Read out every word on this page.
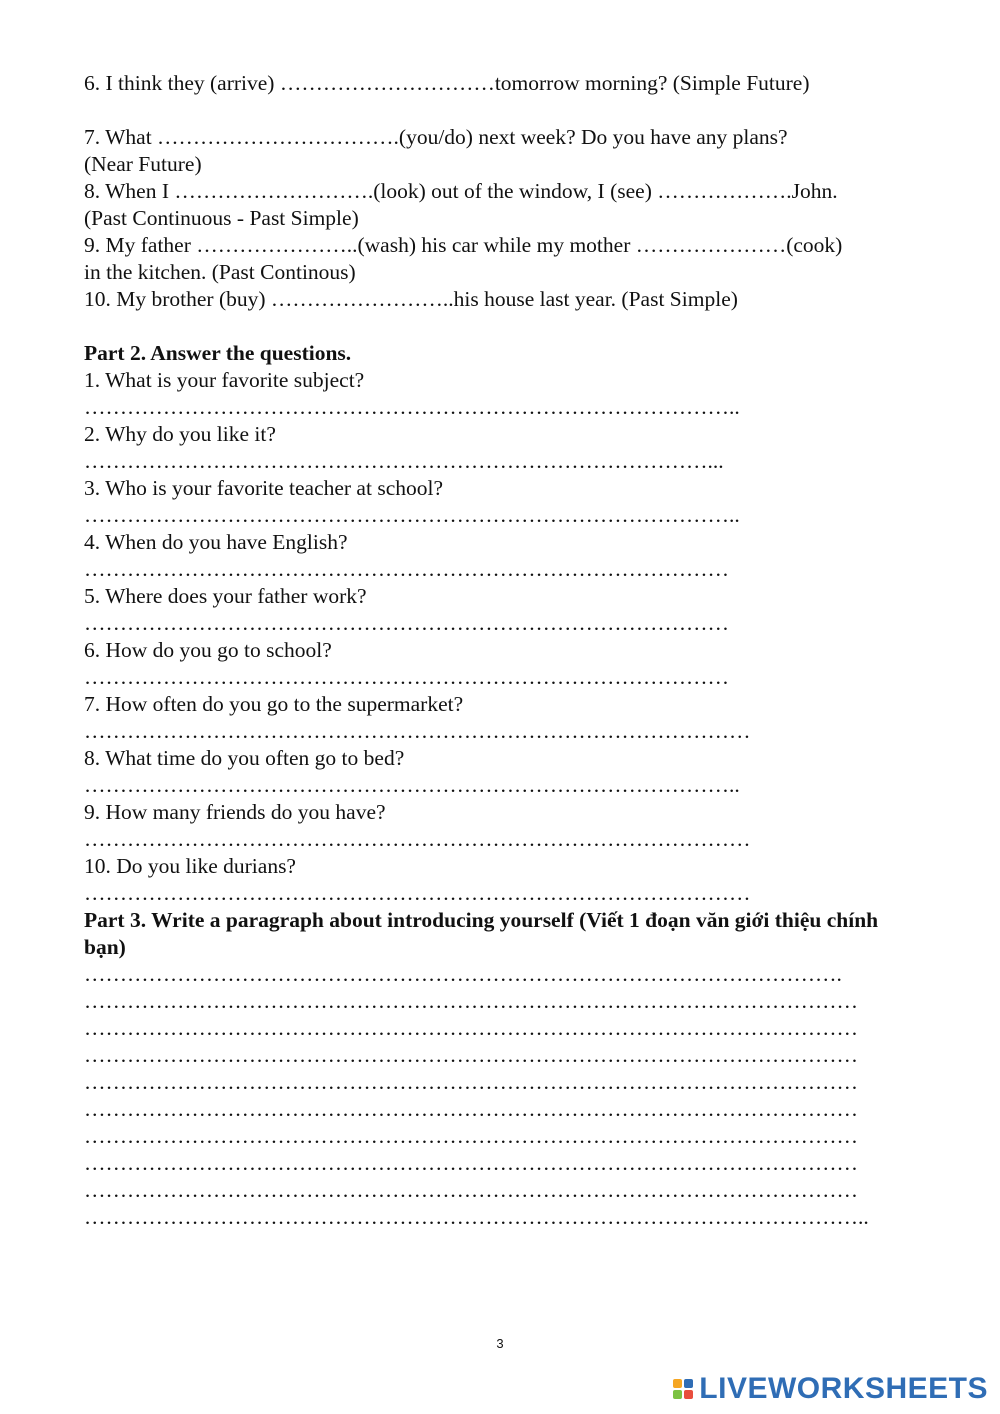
6. I think they (arrive) …………………………tomorrow morning? (Simple Future)

7. What …………………………….(you/do) next week? Do you have any plans?

(Near Future)

8. When I ……………………….(look) out of the window, I (see) ……………….John.

(Past Continuous - Past Simple)

9. My father …………………..(wash) his car while my mother …………………(cook)

in the kitchen. (Past Continous)

10. My brother (buy) ……………………..his house last year. (Past Simple)

Part 2. Answer the questions.

1. What is your favorite subject?

………………………………………………………………………………..

2. Why do you like it?

……………………………………………………………………………...

3. Who is your favorite teacher at school?

………………………………………………………………………………..

4. When do you have English?

………………………………………………………………………………

5. Where does your father work?

………………………………………………………………………………

6. How do you go to school?

………………………………………………………………………………

7. How often do you go to the supermarket?

…………………………………………………………………………………

8. What time do you often go to bed?

………………………………………………………………………………..

9. How many friends do you have?

…………………………………………………………………………………

10. Do you like durians?

…………………………………………………………………………………

Part 3. Write a paragraph about introducing yourself (Viết 1 đoạn văn giới thiệu chính bạn)

…………………………………………………………………………………………….

………………………………………………………………………………………………

………………………………………………………………………………………………

………………………………………………………………………………………………

………………………………………………………………………………………………

………………………………………………………………………………………………

………………………………………………………………………………………………

………………………………………………………………………………………………

………………………………………………………………………………………………

………………………………………………………………………………………………..

3
LIVEWORKSHEETS
